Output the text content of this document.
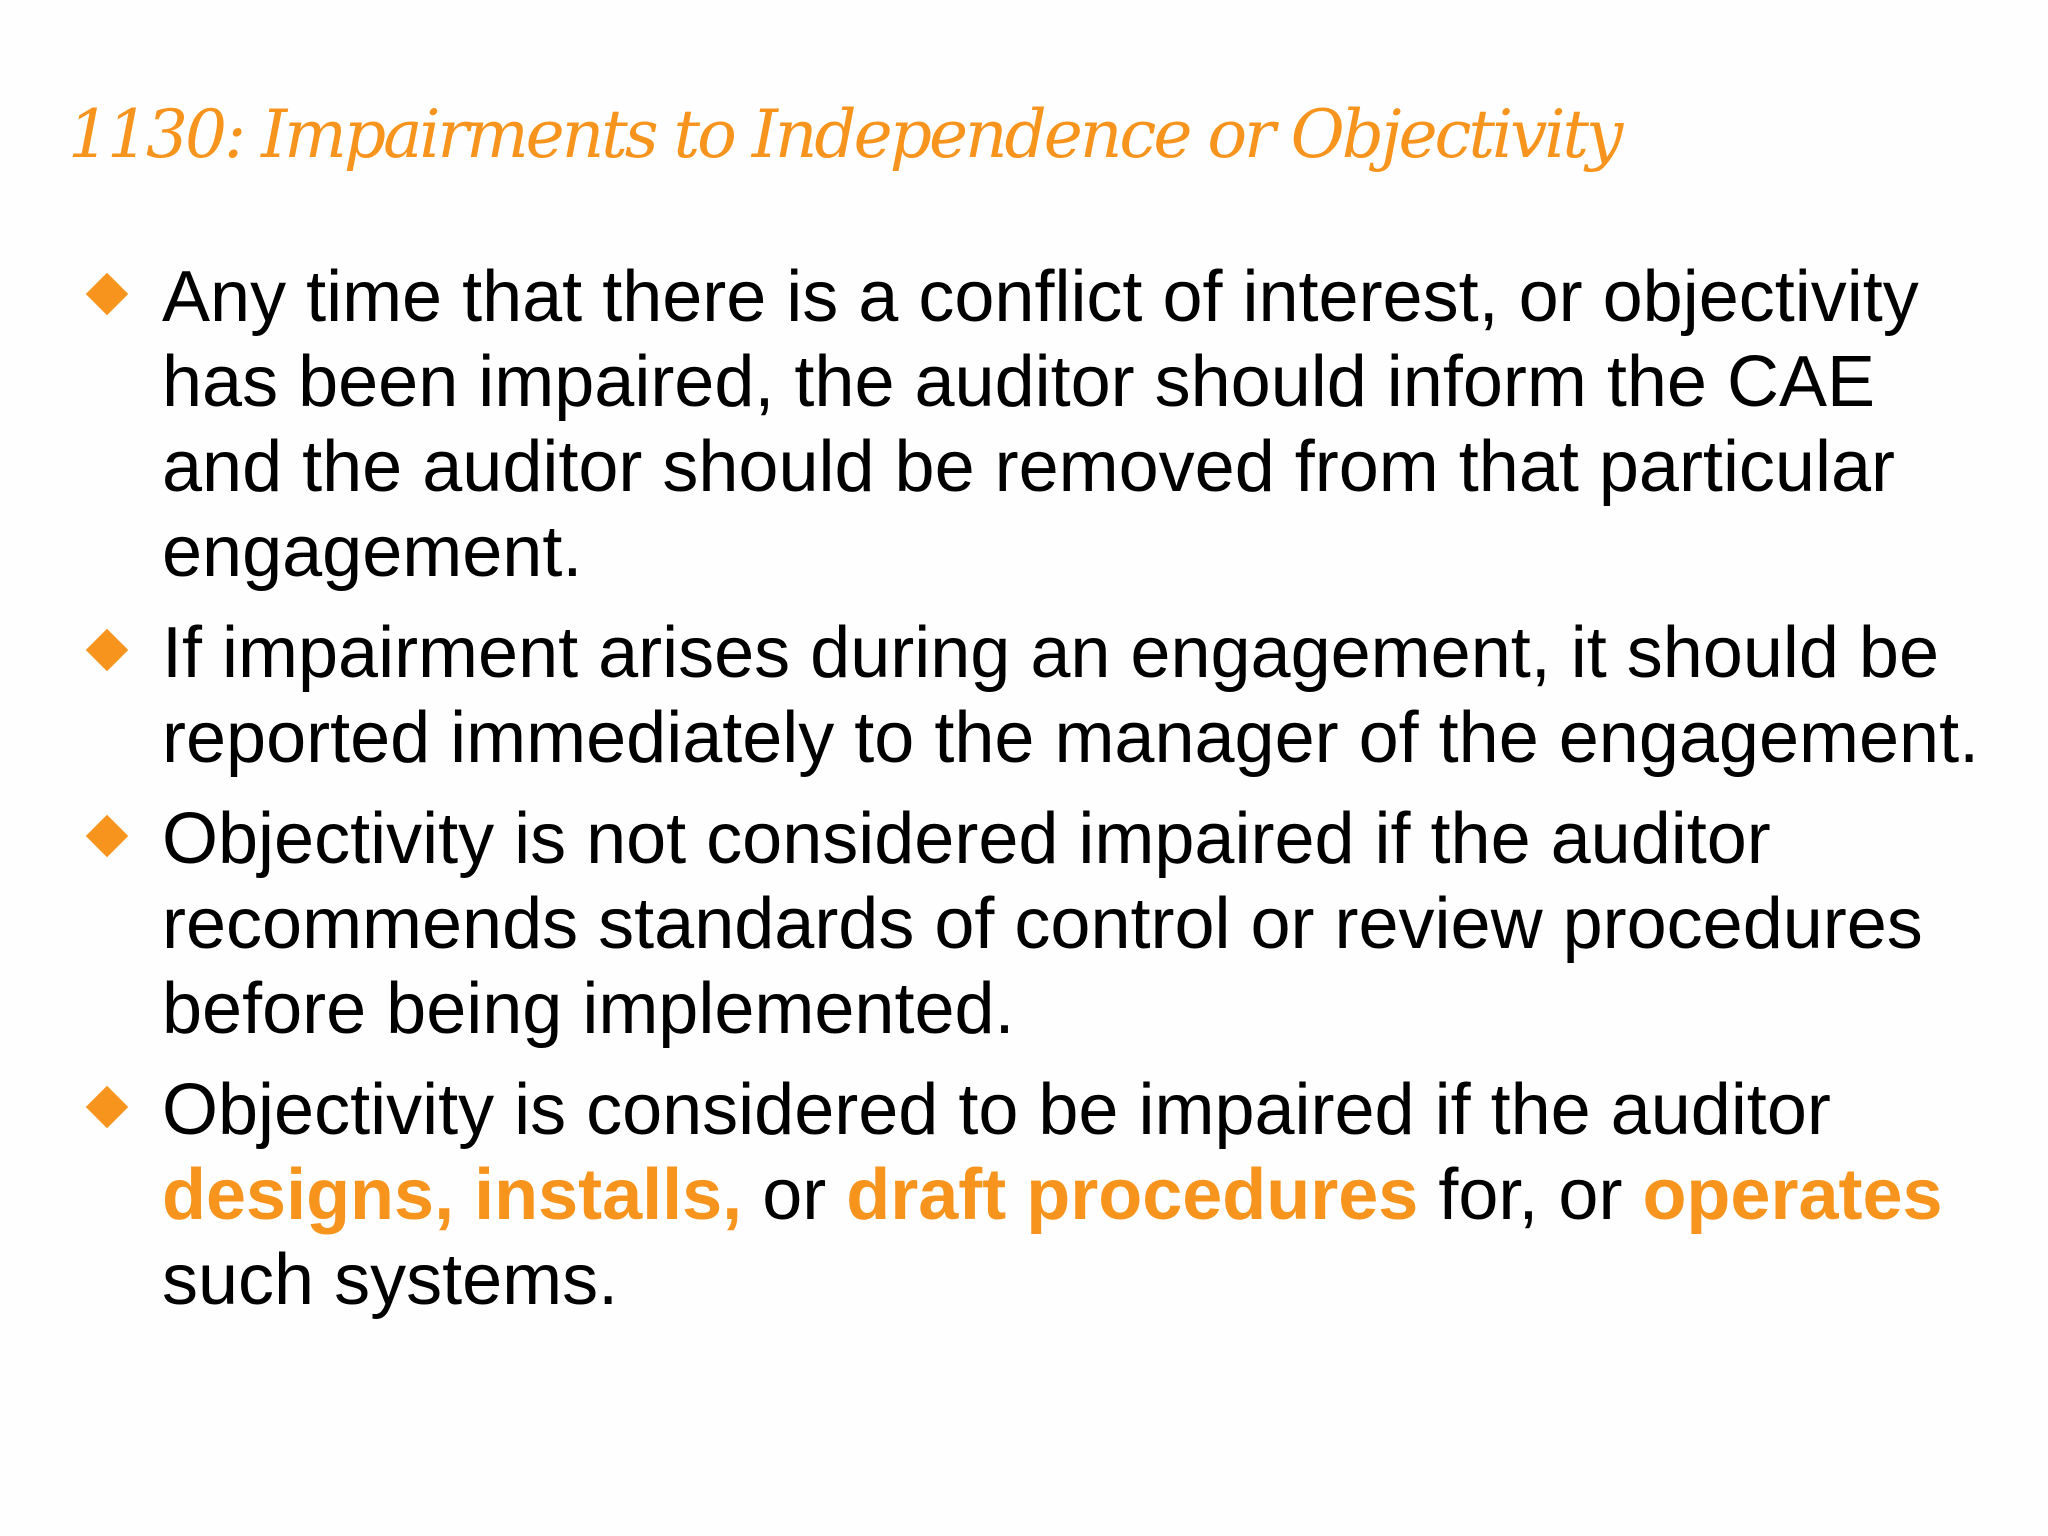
1130: Impairments to Independence or Objectivity
Any time that there is a conflict of interest, or objectivity has been impaired, the auditor should inform the CAE and the auditor should be removed from that particular engagement.
If impairment arises during an engagement, it should be reported immediately to the manager of the engagement.
Objectivity is not considered impaired if the auditor recommends standards of control or review procedures before being implemented.
Objectivity is considered to be impaired if the auditor designs, installs, or draft procedures for, or operates such systems.
